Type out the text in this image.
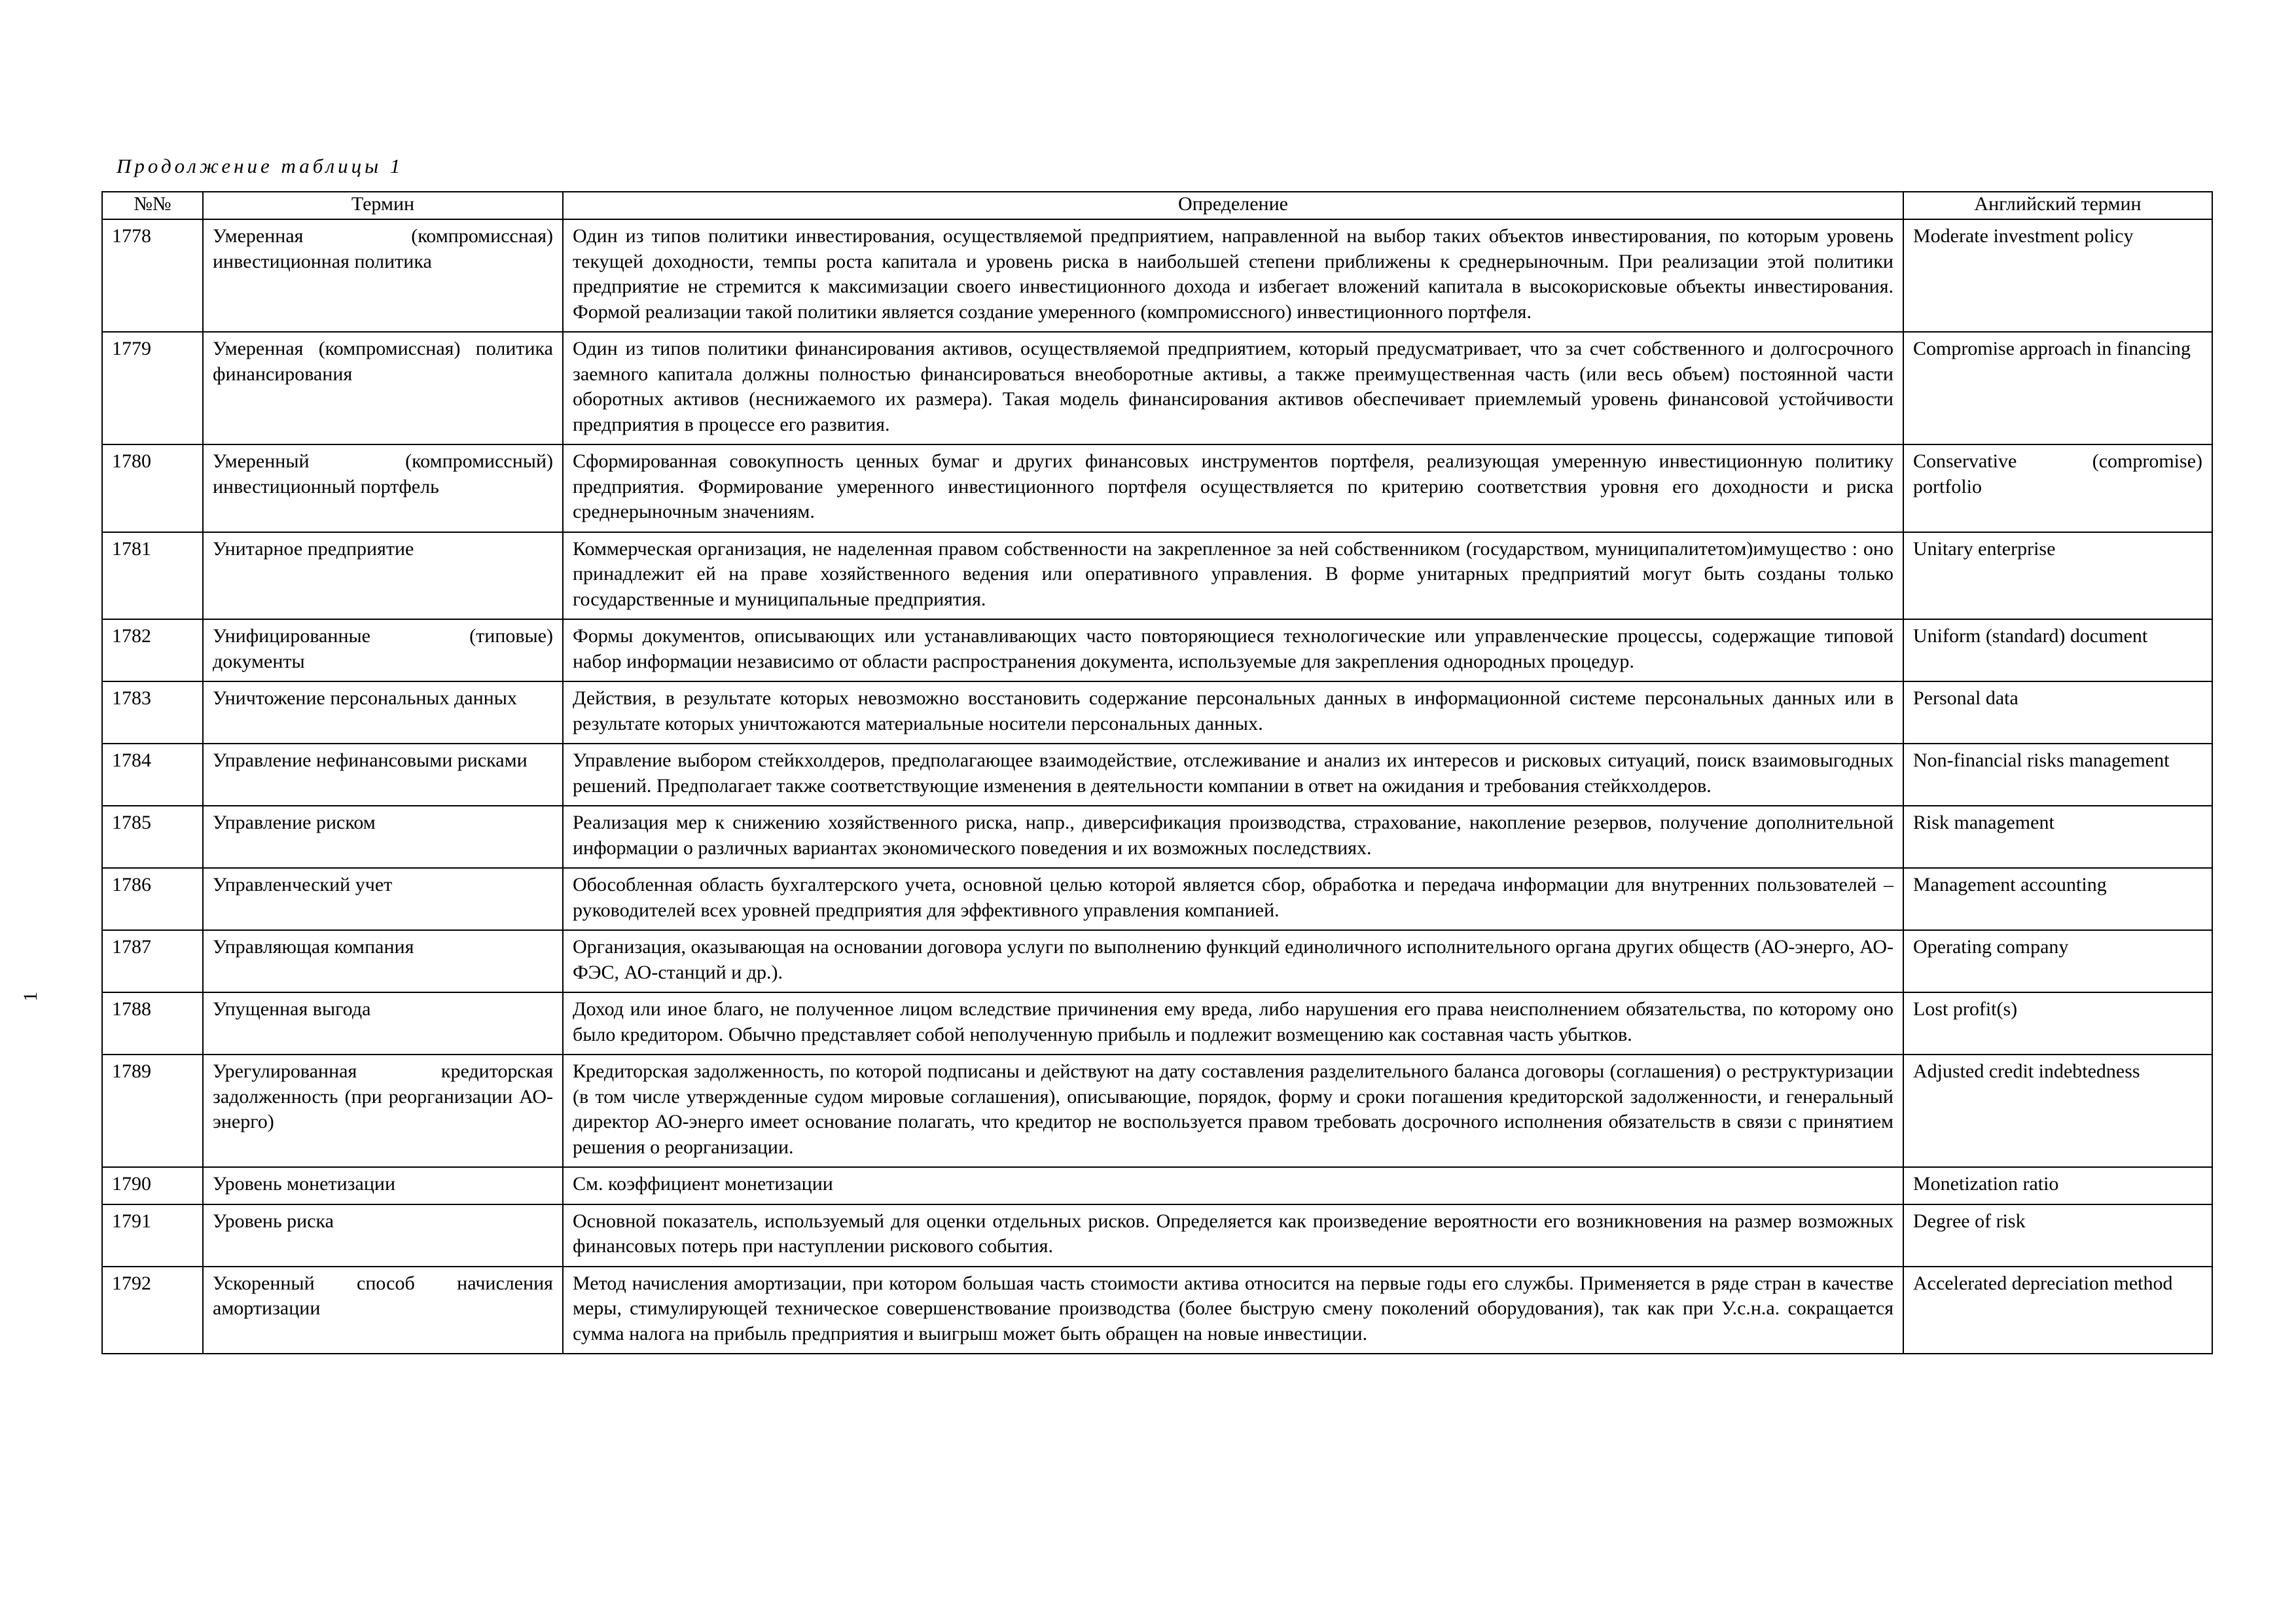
Продолжение таблицы 1
1
№№	Термин	Определение	Английский термин
1778	Умеренная (компромиссная) инвестиционная политика	Один из типов политики инвестирования, осуществляемой предприятием, направленной на выбор таких объектов инвестирования, по которым уровень текущей доходности, темпы роста капитала и уровень риска в наибольшей степени приближены к среднерыночным. При реализации этой политики предприятие не стремится к максимизации своего инвестиционного дохода и избегает вложений капитала в высокорисковые объекты инвестирования. Формой реализации такой политики является создание умеренного (компромиссного) инвестиционного портфеля.	Moderate investment policy
1779	Умеренная (компромиссная) политика финансирования	Один из типов политики финансирования активов, осуществляемой предприятием, который предусматривает, что за счет собственного и долгосрочного заемного капитала должны полностью финансироваться внеоборотные активы, а также преимущественная часть (или весь объем) постоянной части оборотных активов (неснижаемого их размера). Такая модель финансирования активов обеспечивает приемлемый уровень финансовой устойчивости предприятия в процессе его развития.	Compromise approach in financing
1780	Умеренный (компромиссный) инвестиционный портфель	Сформированная совокупность ценных бумаг и других финансовых инструментов портфеля, реализующая умеренную инвестиционную политику предприятия. Формирование умеренного инвестиционного портфеля осуществляется по критерию соответствия уровня его доходности и риска среднерыночным значениям.	Conservative (compromise) portfolio
1781	Унитарное предприятие	Коммерческая организация, не наделенная правом собственности на закрепленное за ней собственником (государством, муниципалитетом)имущество : оно принадлежит ей на праве хозяйственного ведения или оперативного управления. В форме унитарных предприятий могут быть созданы только государственные и муниципальные предприятия.	Unitary enterprise
1782	Унифицированные (типовые) документы	Формы документов, описывающих или устанавливающих часто повторяющиеся технологические или управленческие процессы, содержащие типовой набор информации независимо от области распространения документа, используемые для закрепления однородных процедур.	Uniform (standard) document
1783	Уничтожение персональных данных	Действия, в результате которых невозможно восстановить содержание персональных данных в информационной системе персональных данных или в результате которых уничтожаются материальные носители персональных данных.	Personal data
1784	Управление нефинансовыми рисками	Управление выбором стейкхолдеров, предполагающее взаимодействие, отслеживание и анализ их интересов и рисковых ситуаций, поиск взаимовыгодных решений. Предполагает также соответствующие изменения в деятельности компании в ответ на ожидания и требования стейкхолдеров.	Non-financial risks management
1785	Управление риском	Реализация мер к снижению хозяйственного риска, напр., диверсификация производства, страхование, накопление резервов, получение дополнительной информации о различных вариантах экономического поведения и их возможных последствиях.	Risk management
1786	Управленческий учет	Обособленная область бухгалтерского учета, основной целью которой является сбор, обработка и передача информации для внутренних пользователей – руководителей всех уровней предприятия для эффективного управления компанией.	Management accounting
1787	Управляющая компания	Организация, оказывающая на основании договора услуги по выполнению функций единоличного исполнительного органа других обществ (АО-энерго, АО-ФЭС, АО-станций и др.).	Operating company
1788	Упущенная выгода	Доход или иное благо, не полученное лицом вследствие причинения ему вреда, либо нарушения его права неисполнением обязательства, по которому оно было кредитором. Обычно представляет собой неполученную прибыль и подлежит возмещению как составная часть убытков.	Lost profit(s)
1789	Урегулированная кредиторская задолженность (при реорганизации АО- энерго)	Кредиторская задолженность, по которой подписаны и действуют на дату составления разделительного баланса договоры (соглашения) о реструктуризации (в том числе утвержденные судом мировые соглашения), описывающие, порядок, форму и сроки погашения кредиторской задолженности, и генеральный директор АО-энерго имеет основание полагать, что кредитор не воспользуется правом требовать досрочного исполнения обязательств в связи с принятием решения о реорганизации.	Adjusted credit indebtedness
1790	Уровень монетизации	См. коэффициент монетизации	Monetization ratio
1791	Уровень риска	Основной показатель, используемый для оценки отдельных рисков. Определяется как произведение вероятности его возникновения на размер возможных финансовых потерь при наступлении рискового события.	Degree of risk
1792	Ускоренный способ начисления амортизации	Метод начисления амортизации, при котором большая часть стоимости актива относится на первые годы его службы. Применяется в ряде стран в качестве меры, стимулирующей техническое совершенствование производства (более быструю смену поколений оборудования), так как при У.с.н.а. сокращается сумма налога на прибыль предприятия и выигрыш может быть обращен на новые инвестиции.	Accelerated depreciation method
